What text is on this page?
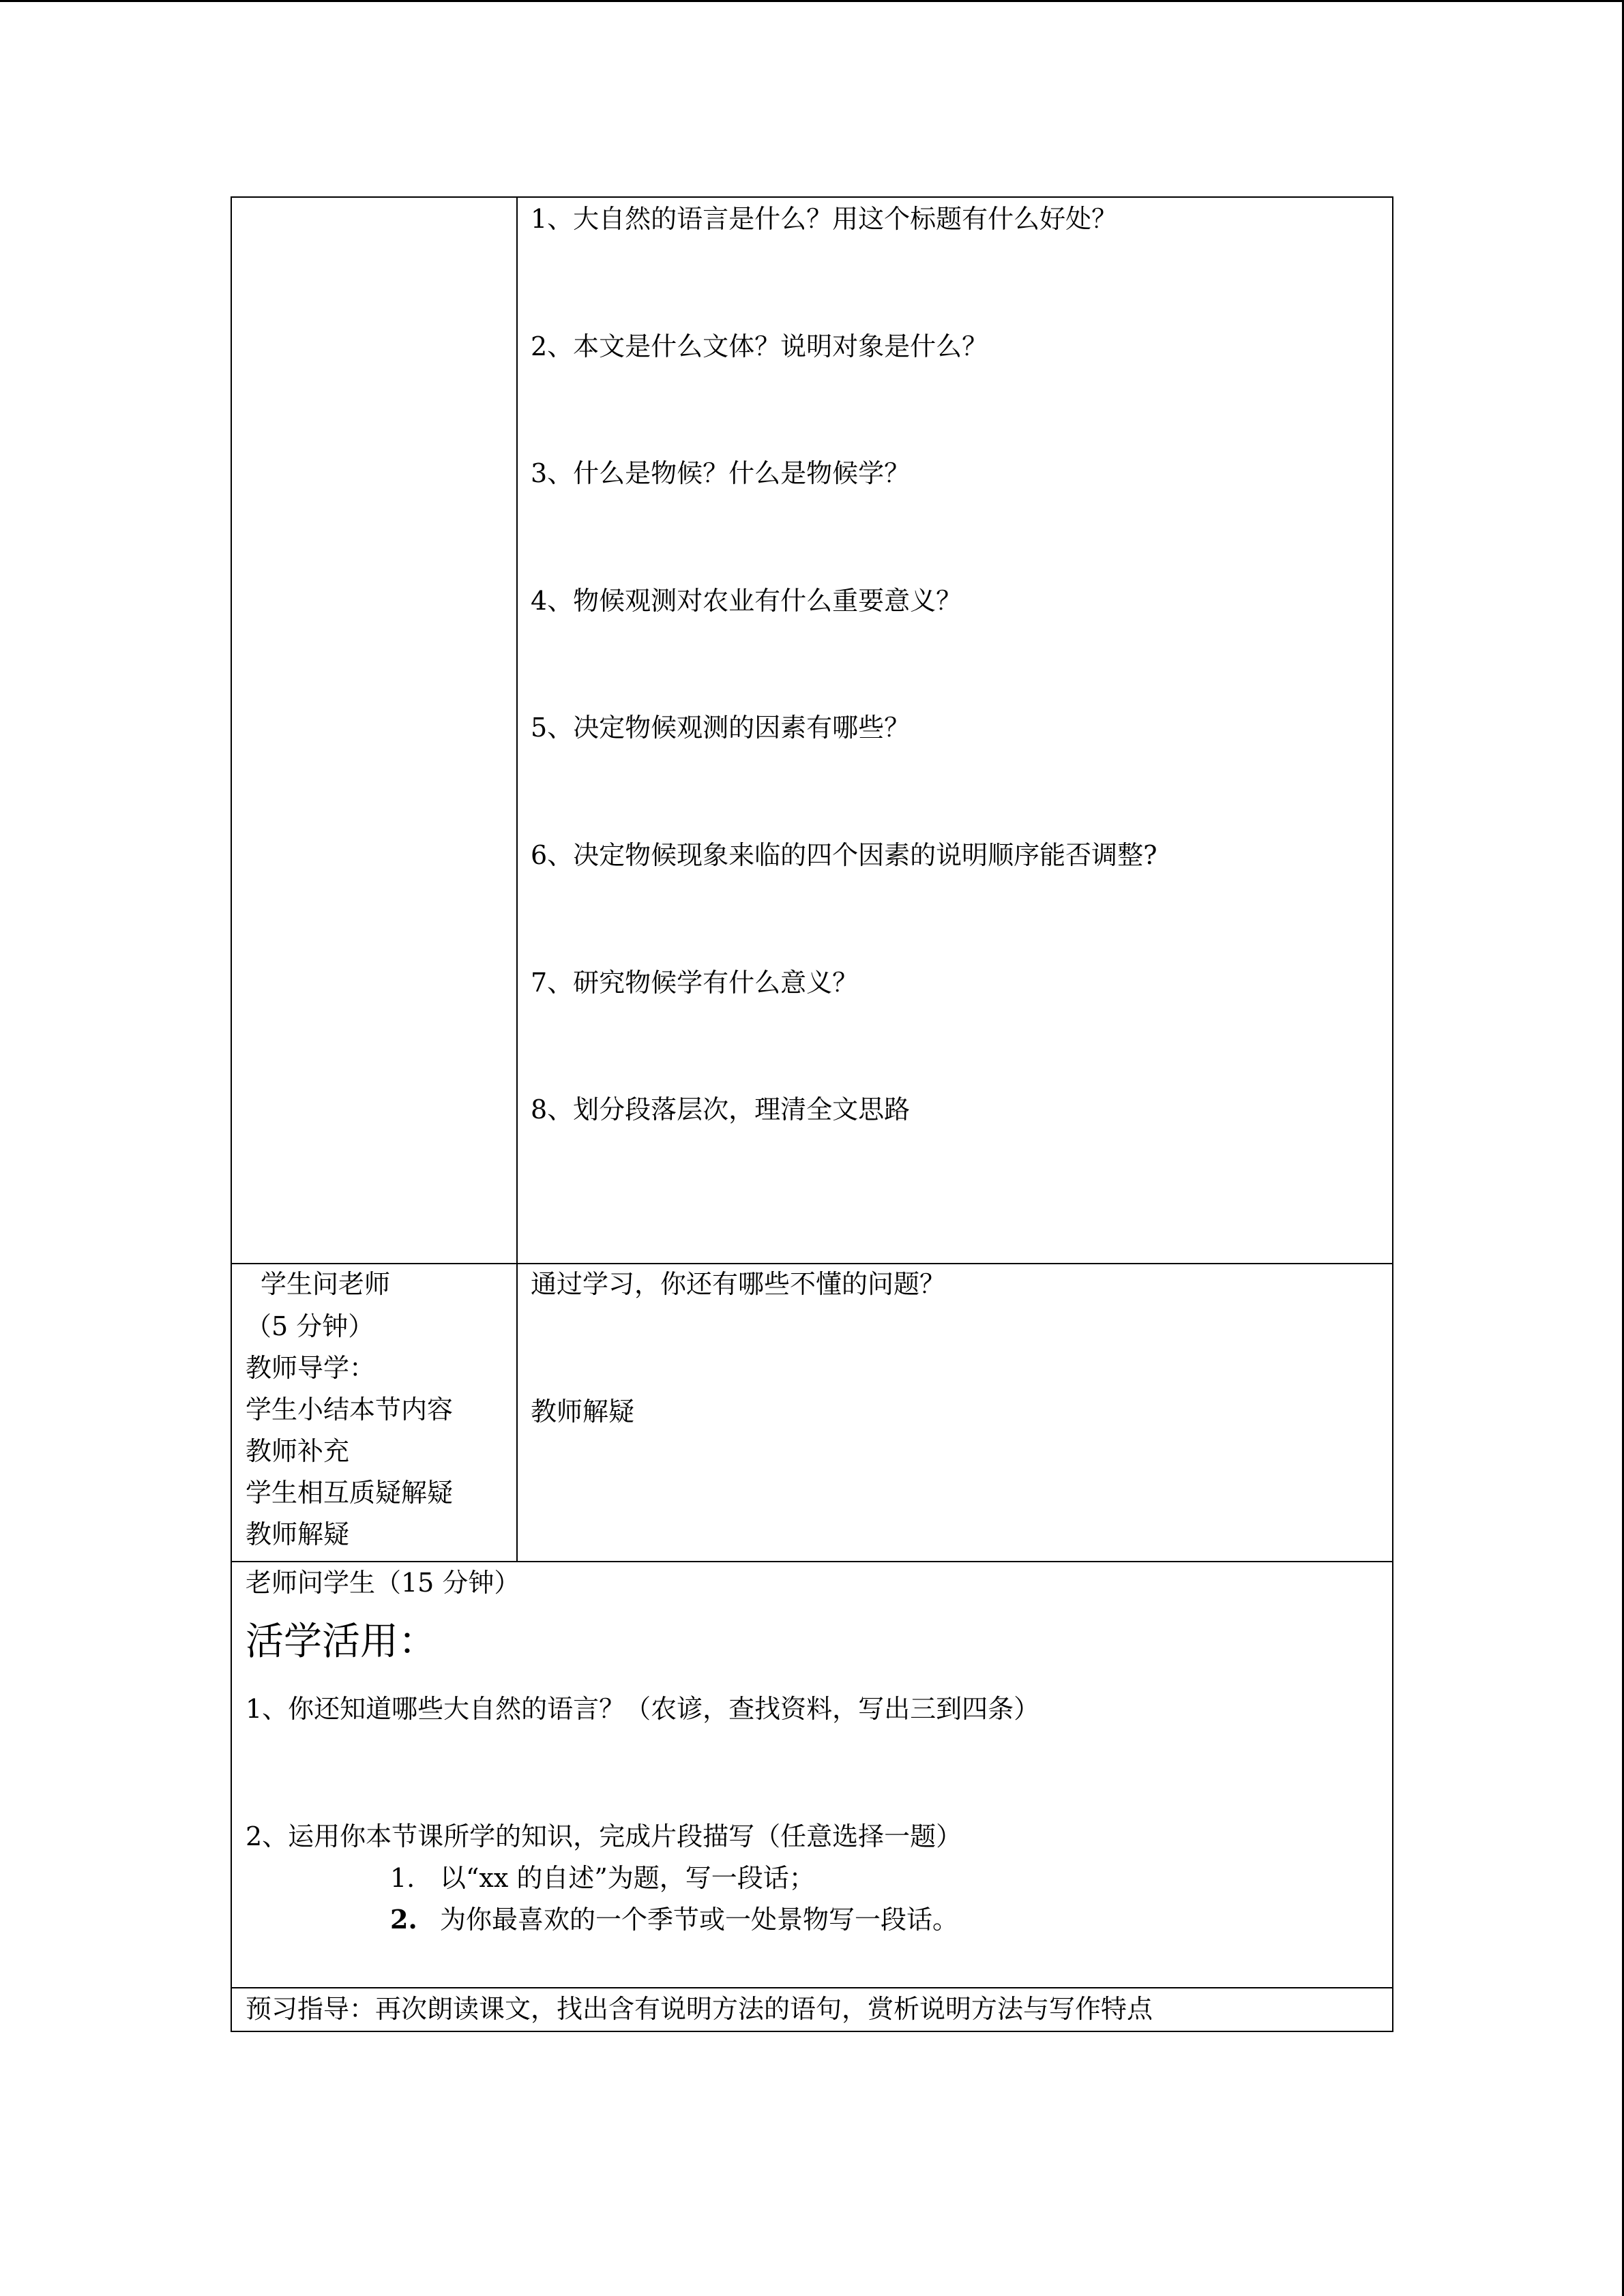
1、大自然的语言是什么？用这个标题有什么好处？
2、本文是什么文体？说明对象是什么？
3、什么是物候？什么是物候学？
4、物候观测对农业有什么重要意义？
5、决定物候观测的因素有哪些？
6、决定物候现象来临的四个因素的说明顺序能否调整?
7、研究物候学有什么意义？
8、划分段落层次，理清全文思路
学生问老师
（5 分钟）
教师导学：
学生小结本节内容
教师补充
学生相互质疑解疑
教师解疑
通过学习，你还有哪些不懂的问题？
教师解疑
老师问学生（15 分钟）
活学活用：
1、你还知道哪些大自然的语言？（农谚，查找资料，写出三到四条）
2、运用你本节课所学的知识，完成片段描写（任意选择一题）
1. 以“xx 的自述”为题，写一段话；
2. 为你最喜欢的一个季节或一处景物写一段话。
预习指导：再次朗读课文，找出含有说明方法的语句，赏析说明方法与写作特点
